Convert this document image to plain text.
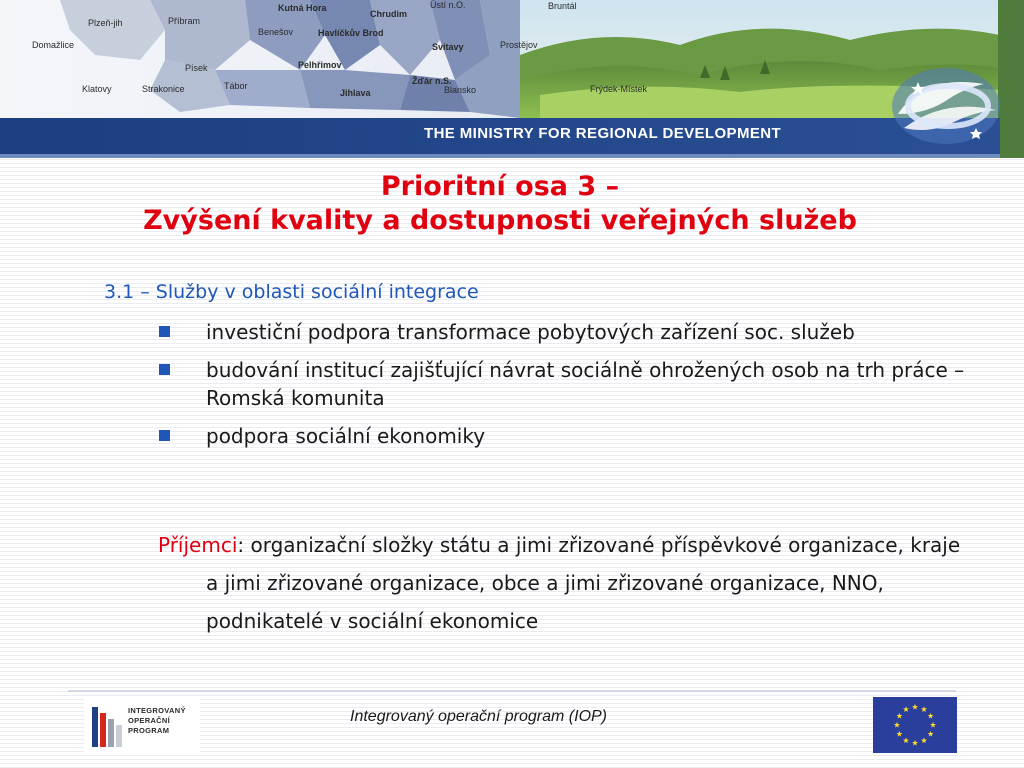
Plzeň-jih	Příbram
Kutná Hora
Chrudim
Ústí n.O.	Bruntál
Domažlice
Benešov	Havlíčkův Brod
Svitavy
Písek	Pelhřimov
Klatovy	Strakonice	Tábor	Žďár n.S.
Prostějov
Jihlava	Blansko	Frýdek-Místek
THE MINISTRY FOR REGIONAL DEVELOPMENT
Prioritní osa 3 –
Zvýšení kvality a dostupnosti veřejných služeb
3.1 – Služby v oblasti sociální integrace
investiční podpora transformace pobytových zařízení soc. služeb
budování institucí zajišťující návrat sociálně ohrožených osob na trh práce – Romská komunita
podpora sociální ekonomiky
Příjemci: organizační složky státu a jimi zřizované příspěvkové organizace, kraje a jimi zřizované organizace, obce a jimi zřizované organizace, NNO, podnikatelé v sociální ekonomice
INTEGROVANÝ
OPERAČNÍ
PROGRAM
Integrovaný operační program (IOP)
